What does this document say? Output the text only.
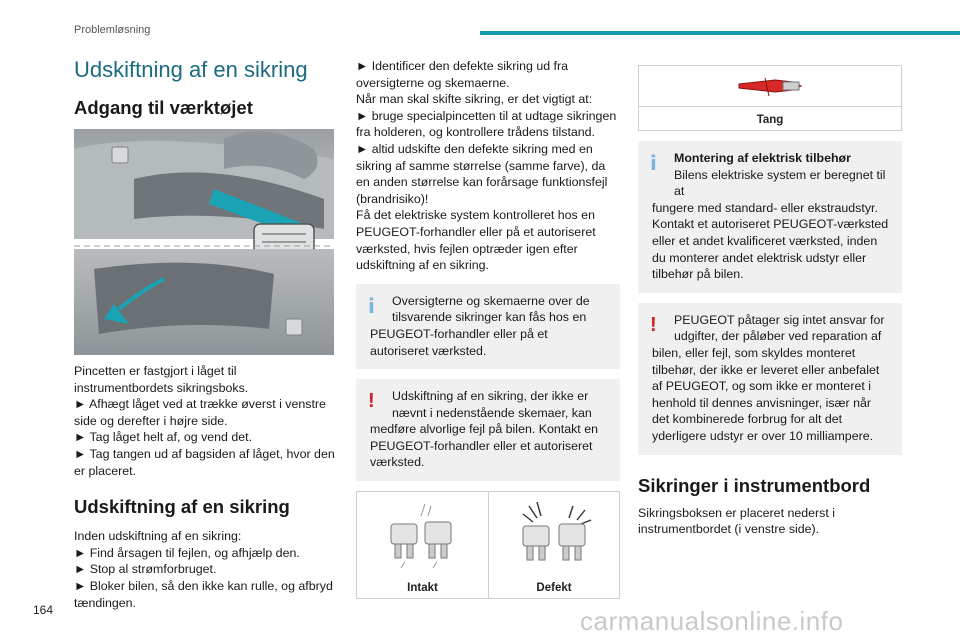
Problemløsning
Udskiftning af en sikring
Adgang til værktøjet

Pincetten er fastgjort i låget til instrumentbordets sikringsboks.

► Afhægt låget ved at trække øverst i venstre side og derefter i højre side.

► Tag låget helt af, og vend det.

► Tag tangen ud af bagsiden af låget, hvor den er placeret.

Udskiftning af en sikring

Inden udskiftning af en sikring:

► Find årsagen til fejlen, og afhjælp den.

► Stop al strømforbruget.

► Bloker bilen, så den ikke kan rulle, og afbryd tændingen.

► Identificer den defekte sikring ud fra oversigterne og skemaerne.

Når man skal skifte sikring, er det vigtigt at:

► bruge specialpincetten til at udtage sikringen fra holderen, og kontrollere trådens tilstand.

► altid udskifte den defekte sikring med en sikring af samme størrelse (samme farve), da en anden størrelse kan forårsage funktionsfejl (brandrisiko)!

Få det elektriske system kontrolleret hos en PEUGEOT-forhandler eller på et autoriseret værksted, hvis fejlen optræder igen efter udskiftning af en sikring.

i	Oversigterne og skemaerne over de tilsvarende sikringer kan fås hos en
PEUGEOT-forhandler eller på et autoriseret værksted.
!	Udskiftning af en sikring, der ikke er nævnt i nedenstående skemaer, kan
medføre alvorlige fejl på bilen. Kontakt en PEUGEOT-forhandler eller et autoriseret værksted.
Intakt	Defekt
Tang
i	Montering af elektrisk tilbehør
Bilens elektriske system er beregnet til at
fungere med standard- eller ekstraudstyr. Kontakt et autoriseret PEUGEOT-værksted eller et andet kvalificeret værksted, inden du monterer andet elektrisk udstyr eller tilbehør på bilen.
!	PEUGEOT påtager sig intet ansvar for udgifter, der påløber ved reparation af
bilen, eller fejl, som skyldes monteret tilbehør, der ikke er leveret eller anbefalet af PEUGEOT, og som ikke er monteret i henhold til dennes anvisninger, især når det kombinerede forbrug for alt det yderligere udstyr er over 10 milliampere.
Sikringer i instrumentbord

Sikringsboksen er placeret nederst i instrumentbordet (i venstre side).

164	carmanualsonline.info
